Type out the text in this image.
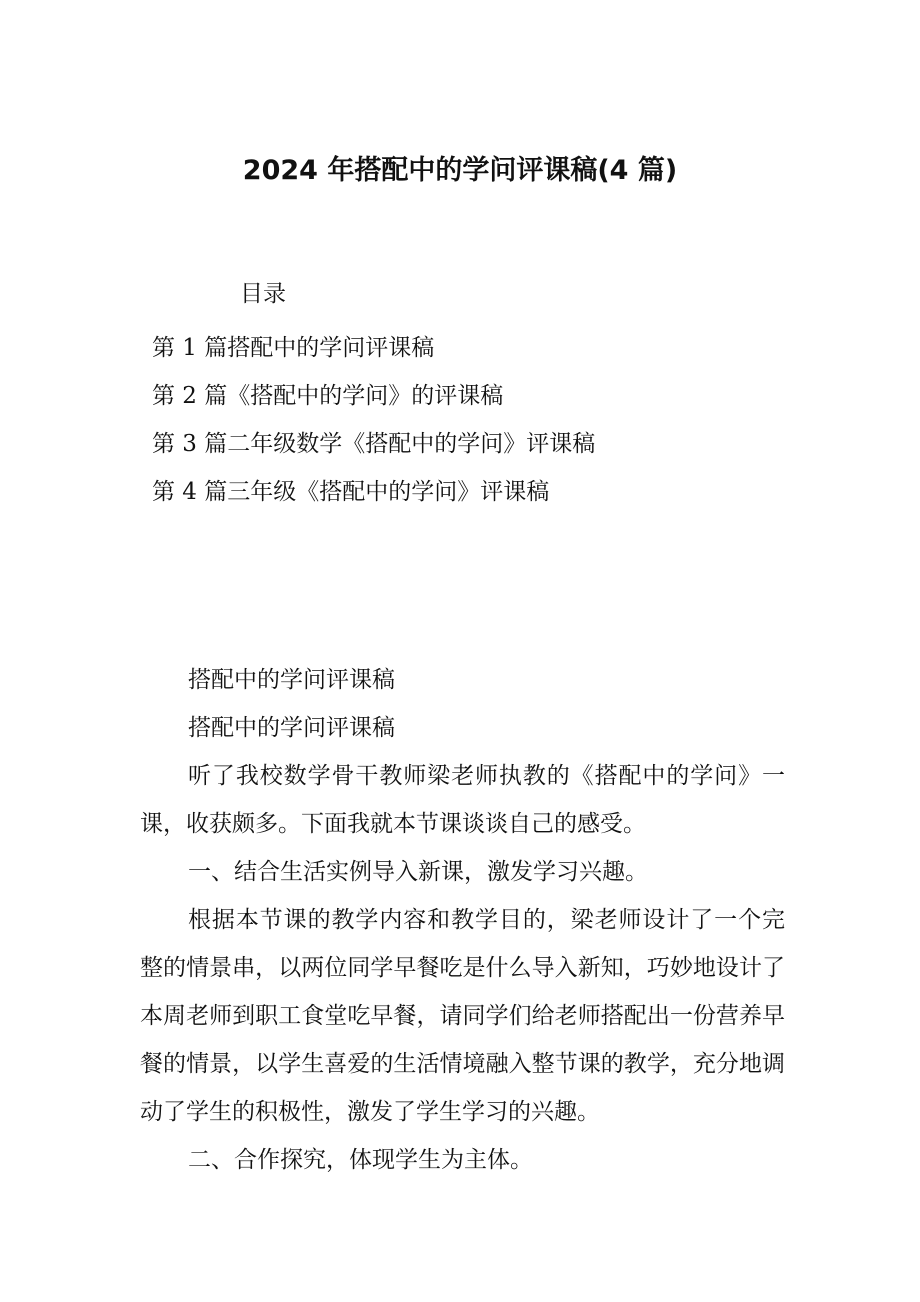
2024 年搭配中的学问评课稿(4 篇)
目录
第 1 篇搭配中的学问评课稿
第 2 篇《搭配中的学问》的评课稿
第 3 篇二年级数学《搭配中的学问》评课稿
第 4 篇三年级《搭配中的学问》评课稿

搭配中的学问评课稿

搭配中的学问评课稿

听了我校数学骨干教师梁老师执教的《搭配中的学问》一课，收获颇多。下面我就本节课谈谈自己的感受。

一、结合生活实例导入新课，激发学习兴趣。

根据本节课的教学内容和教学目的，梁老师设计了一个完整的情景串，以两位同学早餐吃是什么导入新知，巧妙地设计了本周老师到职工食堂吃早餐，请同学们给老师搭配出一份营养早餐的情景，以学生喜爱的生活情境融入整节课的教学，充分地调动了学生的积极性，激发了学生学习的兴趣。

二、合作探究，体现学生为主体。
